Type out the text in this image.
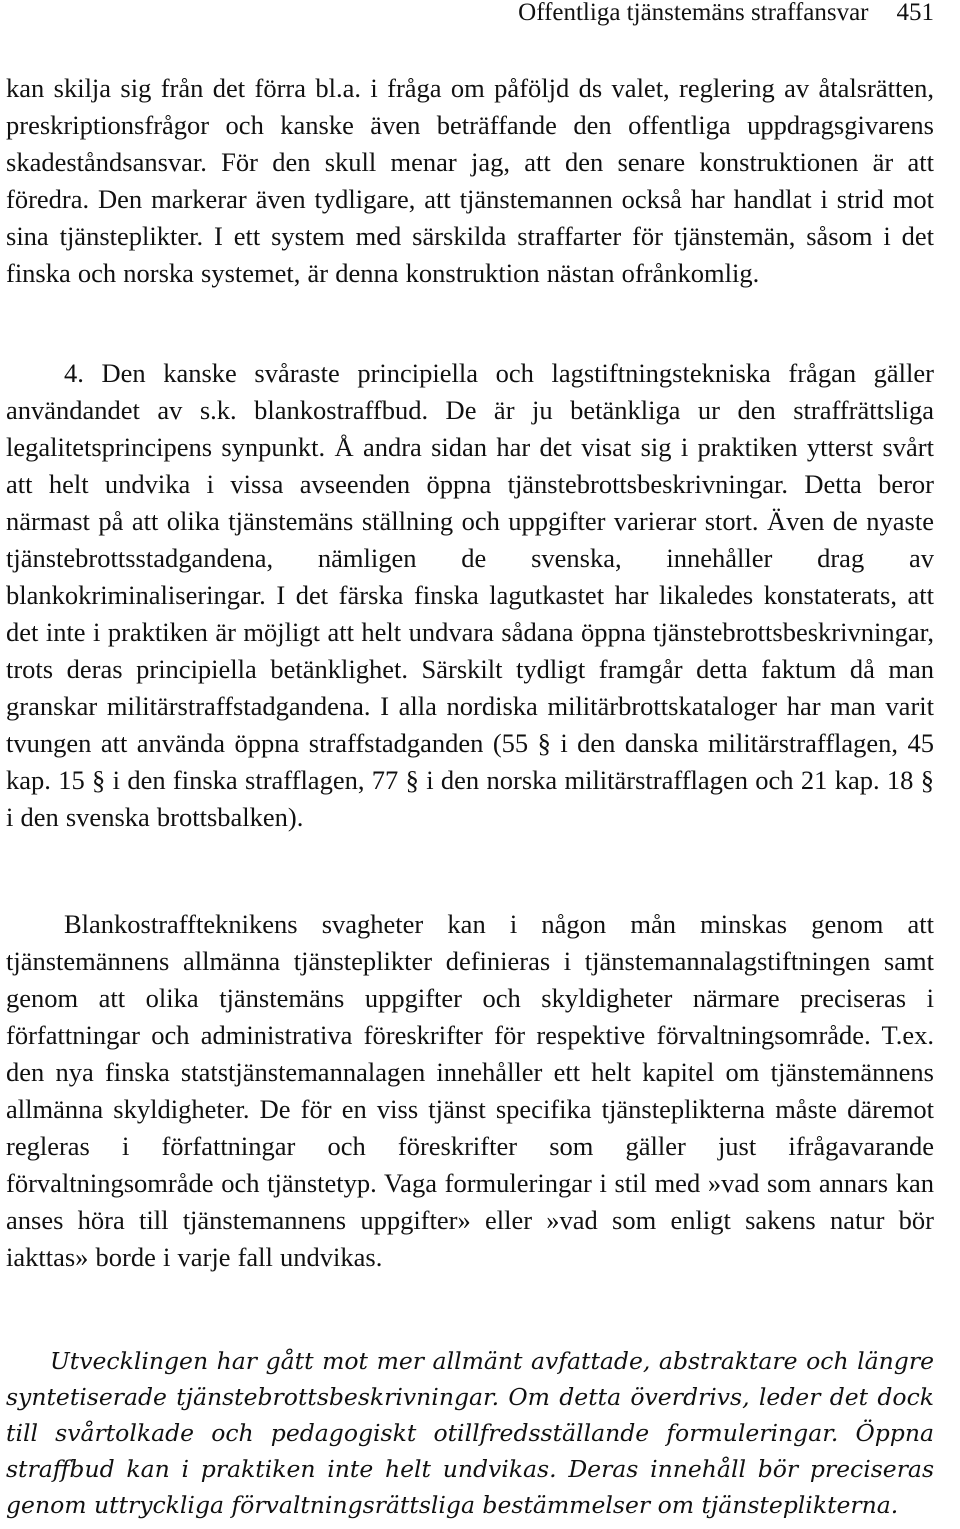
Offentliga tjänstemäns straffansvar 451

kan skilja sig från det förra bl.a. i fråga om påföljd ds valet, reglering av åtalsrätten, preskriptionsfrågor och kanske även beträffande den offentliga uppdragsgivarens skadeståndsansvar. För den skull menar jag, att den senare konstruktionen är att föredra. Den markerar även tydligare, att tjänstemannen också har handlat i strid mot sina tjänsteplikter. I ett system med särskilda straffarter för tjänstemän, såsom i det finska och norska systemet, är denna konstruktion nästan ofrånkomlig.

4. Den kanske svåraste principiella och lagstiftningstekniska frågan gäller användandet av s.k. blankostraffbud. De är ju betänkliga ur den straffrättsliga legalitetsprincipens synpunkt. Å andra sidan har det visat sig i praktiken ytterst svårt att helt undvika i vissa avseenden öppna tjänstebrottsbeskrivningar. Detta beror närmast på att olika tjänstemäns ställning och uppgifter varierar stort. Även de nyaste tjänstebrottsstadgandena, nämligen de svenska, innehåller drag av blankokriminaliseringar. I det färska finska lagutkastet har likaledes konstaterats, att det inte i praktiken är möjligt att helt undvara sådana öppna tjänstebrottsbeskrivningar, trots deras principiella betänklighet. Särskilt tydligt framgår detta faktum då man granskar militärstraffstadgandena. I alla nordiska militärbrottskataloger har man varit tvungen att använda öppna straffstadganden (55 § i den danska militärstrafflagen, 45 kap. 15 § i den finska strafflagen, 77 § i den norska militärstrafflagen och 21 kap. 18 § i den svenska brottsbalken).

Blankostraffteknikens svagheter kan i någon mån minskas genom att tjänstemännens allmänna tjänsteplikter definieras i tjänstemannalagstiftningen samt genom att olika tjänstemäns uppgifter och skyldigheter närmare preciseras i författningar och administrativa föreskrifter för respektive förvaltningsområde. T.ex. den nya finska statstjänstemannalagen innehåller ett helt kapitel om tjänstemännens allmänna skyldigheter. De för en viss tjänst specifika tjänsteplikterna måste däremot regleras i författningar och föreskrifter som gäller just ifrågavarande förvaltningsområde och tjänstetyp. Vaga formuleringar i stil med »vad som annars kan anses höra till tjänstemannens uppgifter» eller »vad som enligt sakens natur bör iakttas» borde i varje fall undvikas.

Utvecklingen har gått mot mer allmänt avfattade, abstraktare och längre syntetiserade tjänstebrottsbeskrivningar. Om detta överdrivs, leder det dock till svårtolkade och pedagogiskt otillfredsställande formuleringar. Öppna straffbud kan i praktiken inte helt undvikas. Deras innehåll bör preciseras genom uttryckliga förvaltningsrättsliga bestämmelser om tjänsteplikterna.
